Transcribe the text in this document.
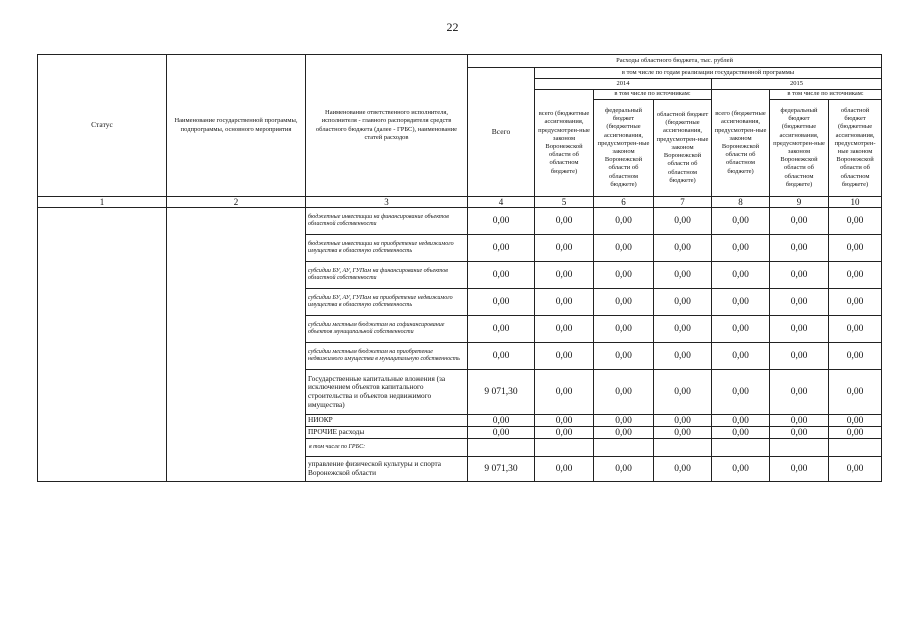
22
Статус	Наименование государственной программы, подпрограммы, основного мероприятия	Наименование ответственного исполнителя, исполнителя - главного распорядителя средств областного бюджета (далее - ГРБС), наименование статей расходов	Расходы областного бюджета, тыс. рублей						
			Всего	в том числе по годам реализации государственной программы					
				2014			2015		
				всего (бюджетные ассигнования, предусмотрен-ные законом Воронежской области об областном бюджете)	в том числе по источникам:		всего (бюджетные ассигнования, предусмотрен-ные законом Воронежской области об областном бюджете)	в том числе по источникам:	
					федеральный бюджет (бюджетные ассигнования, предусмотрен-ные законом Воронежской области об областном бюджете)	областной бюджет (бюджетные ассигнования, предусмотрен-ные законом Воронежской области об областном бюджете)		федеральный бюджет (бюджетные ассигнования, предусмотрен-ные законом Воронежской области об областном бюджете)	областной бюджет (бюджетные ассигнования, предусмотрен-ные законом Воронежской области об областном бюджете)
1	2	3	4	5	6	7	8	9	10
		бюджетные инвестиции на финансирование объектов областной собственности	0,00	0,00	0,00	0,00	0,00	0,00	0,00
		бюджетные инвестиции на приобретение недвижимого имущества в областную собственность	0,00	0,00	0,00	0,00	0,00	0,00	0,00
		субсидии БУ, АУ, ГУПам на финансирование объектов областной собственности	0,00	0,00	0,00	0,00	0,00	0,00	0,00
		субсидии БУ, АУ, ГУПам на приобретение недвижимого имущества в областную собственность	0,00	0,00	0,00	0,00	0,00	0,00	0,00
		субсидии местным бюджетам на софинансирование объектов муниципальной собственности	0,00	0,00	0,00	0,00	0,00	0,00	0,00
		субсидии местным бюджетам на приобретение недвижимого имущества в муниципальную собственность	0,00	0,00	0,00	0,00	0,00	0,00	0,00
		Государственные капитальные вложения (за исключением объектов капитального строительства и объектов недвижимого имущества)	9 071,30	0,00	0,00	0,00	0,00	0,00	0,00
		НИОКР	0,00	0,00	0,00	0,00	0,00	0,00	0,00
		ПРОЧИЕ расходы	0,00	0,00	0,00	0,00	0,00	0,00	0,00
		в том числе по ГРБС:							
		управление физической культуры и спорта Воронежской области	9 071,30	0,00	0,00	0,00	0,00	0,00	0,00
